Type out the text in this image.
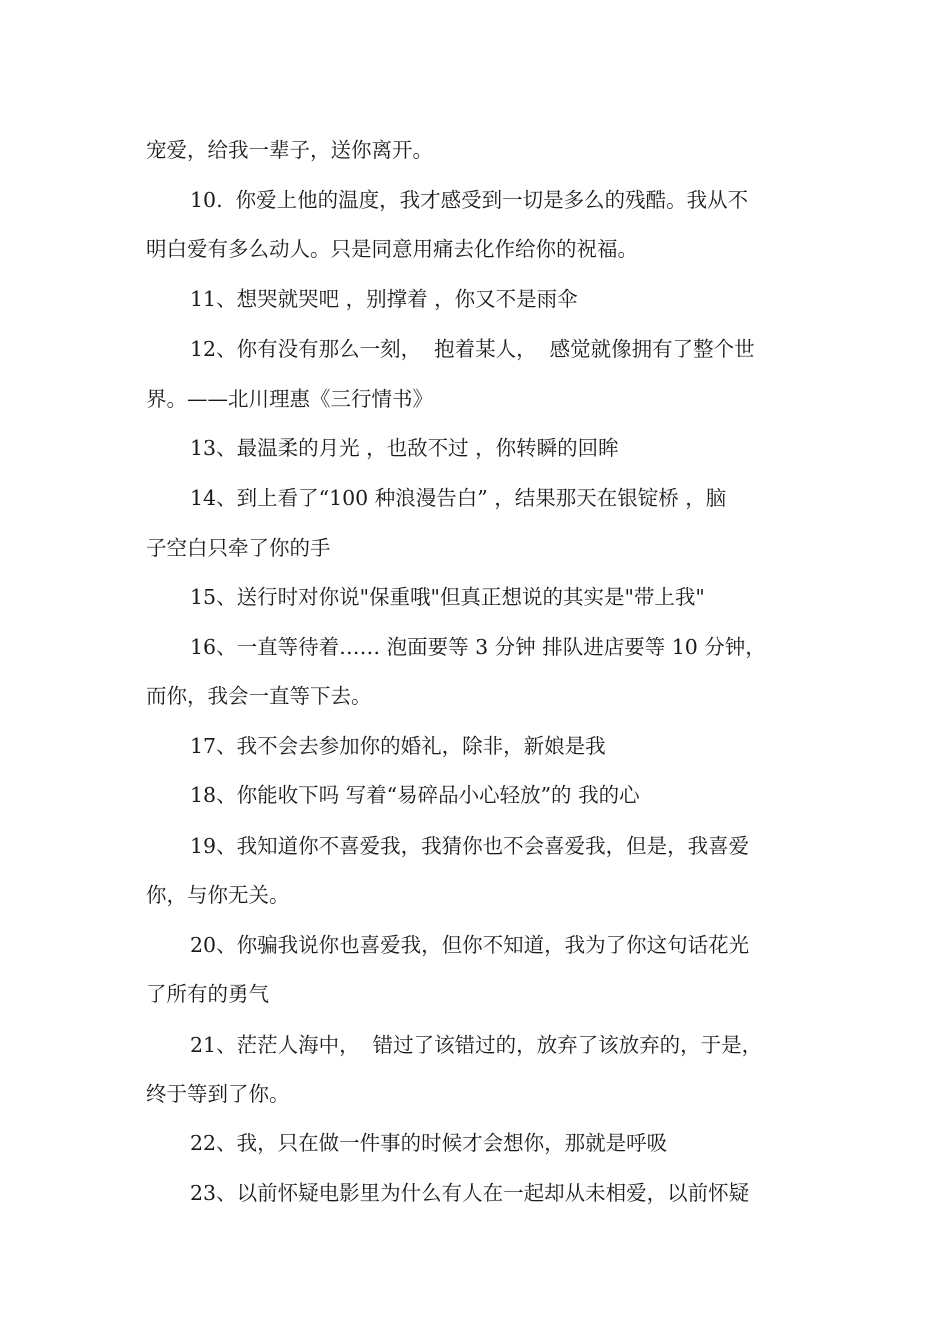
宠爱，给我一辈子，送你离开。
10.  你爱上他的温度，我才感受到一切是多么的残酷。我从不
明白爱有多么动人。只是同意用痛去化作给你的祝福。
11、想哭就哭吧 ，别撑着 ，你又不是雨伞
12、你有没有那么一刻，  抱着某人，  感觉就像拥有了整个世
界。——北川理惠《三行情书》
13、最温柔的月光 ，也敌不过 ，你转瞬的回眸
14、到上看了“100 种浪漫告白” ，结果那天在银锭桥 ，脑
子空白只牵了你的手
15、送行时对你说"保重哦"但真正想说的其实是"带上我"
16、一直等待着…… 泡面要等 3 分钟 排队进店要等 10 分钟，
而你，我会一直等下去。
17、我不会去参加你的婚礼，除非，新娘是我
18、你能收下吗 写着“易碎品小心轻放”的 我的心
19、我知道你不喜爱我，我猜你也不会喜爱我，但是，我喜爱
你，与你无关。
20、你骗我说你也喜爱我，但你不知道，我为了你这句话花光
了所有的勇气
21、茫茫人海中，  错过了该错过的，放弃了该放弃的，于是，
终于等到了你。
22、我，只在做一件事的时候才会想你，那就是呼吸
23、以前怀疑电影里为什么有人在一起却从未相爱，以前怀疑
